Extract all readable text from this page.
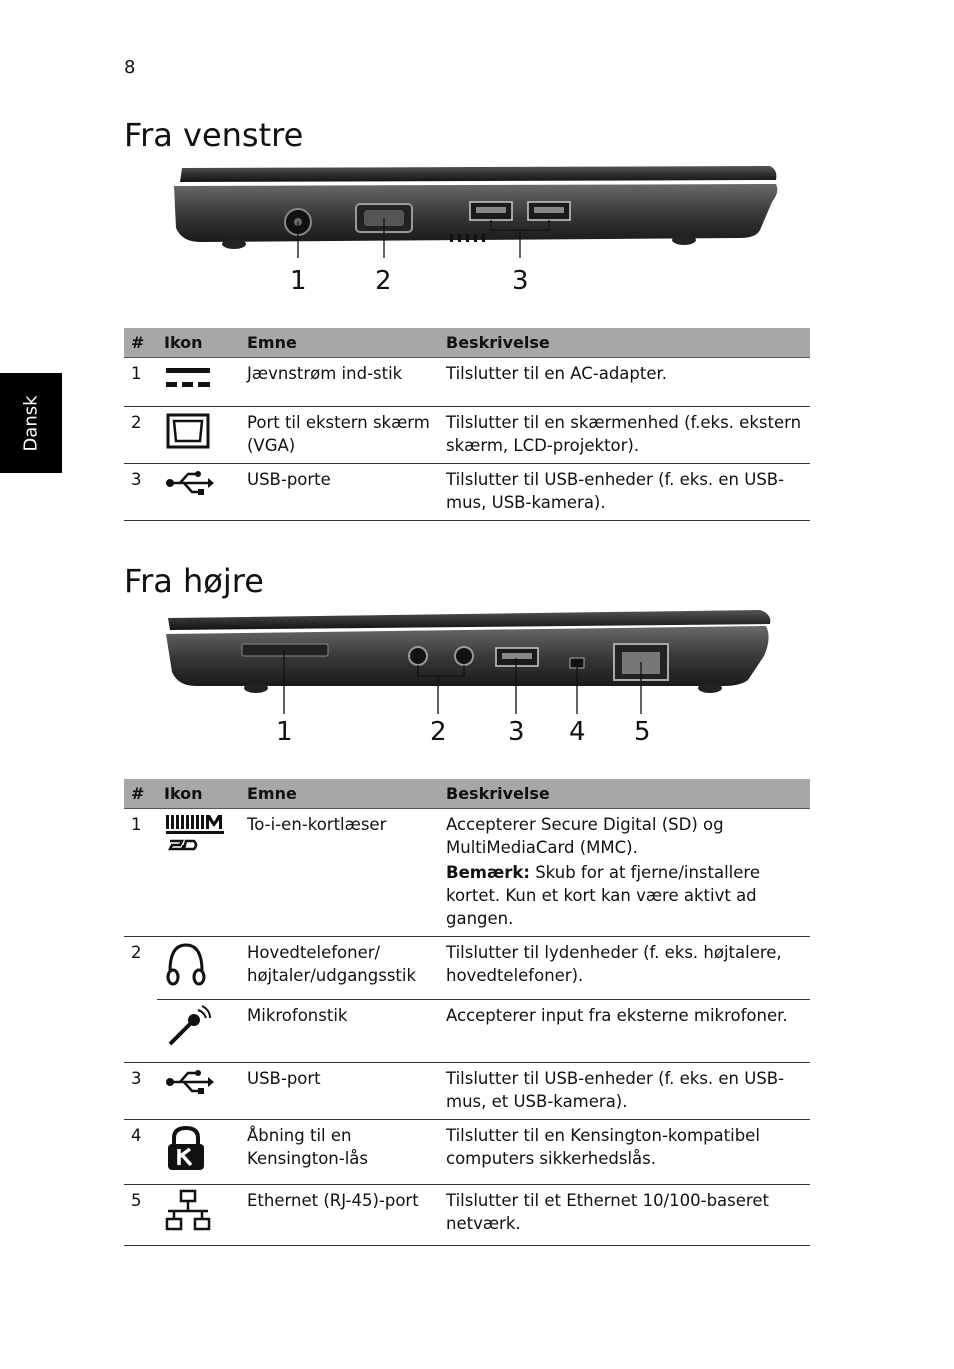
8
Dansk
Fra venstre
1	2	3
#	Ikon	Emne	Beskrivelse
1		Jævnstrøm ind-stik	Tilslutter til en AC-adapter.
2		Port til ekstern skærm (VGA)	Tilslutter til en skærmenhed (f.eks. ekstern skærm, LCD-projektor).
3		USB-porte	Tilslutter til USB-enheder (f. eks. en USB-mus, USB-kamera).
Fra højre
1	2 3 4 5
#	Ikon	Emne	Beskrivelse
1		To-i-en-kortlæser	Accepterer Secure Digital (SD) og MultiMediaCard (MMC).
Bemærk: Skub for at fjerne/installere kortet. Kun et kort kan være aktivt ad gangen.

2		Hovedtelefoner/ højtaler/udgangsstik	Tilslutter til lydenheder (f. eks. højtalere, hovedtelefoner).
	Mikrofonstik	Accepterer input fra eksterne mikrofoner.
3		USB-port	Tilslutter til USB-enheder (f. eks. en USB-mus, et USB-kamera).
4		Åbning til en Kensington-lås	Tilslutter til en Kensington-kompatibel computers sikkerhedslås.
5		Ethernet (RJ-45)-port	Tilslutter til et Ethernet 10/100-baseret netværk.
